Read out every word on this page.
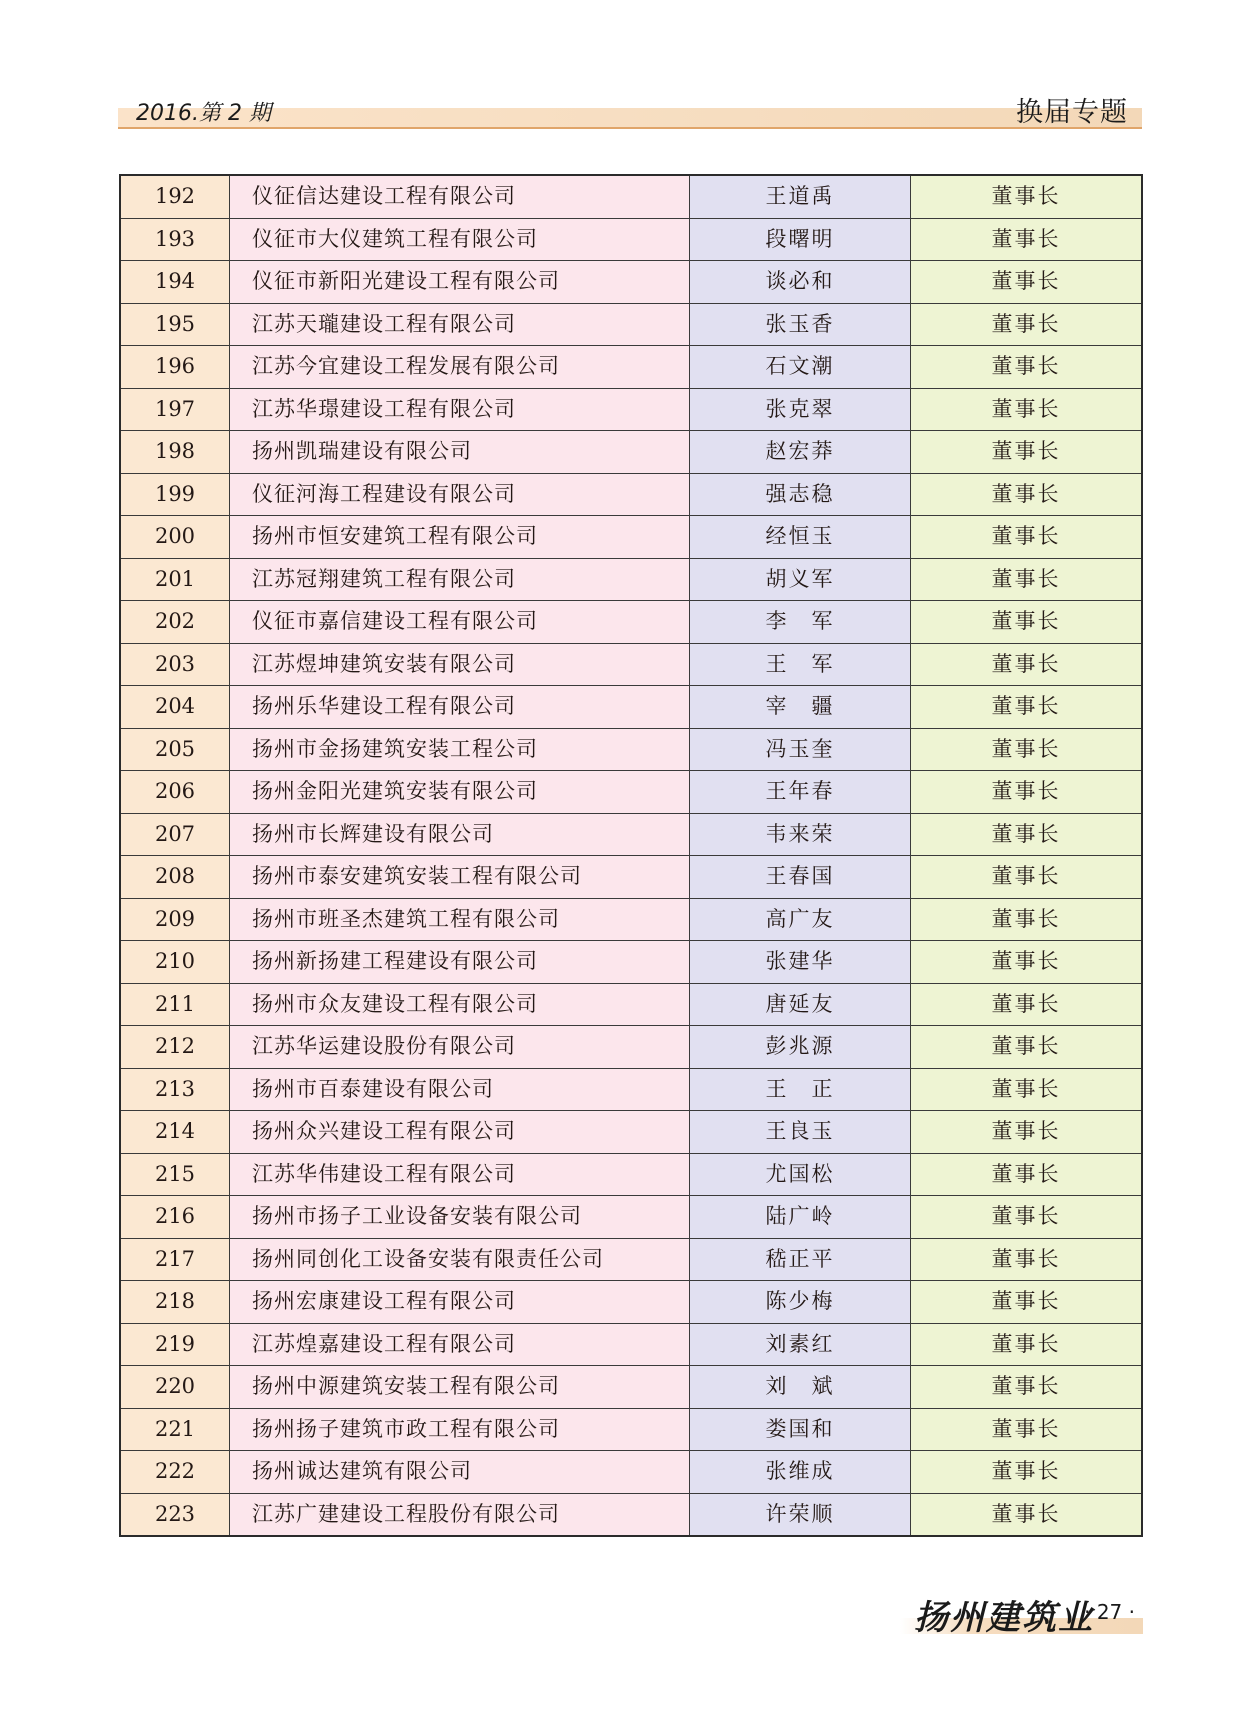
2016.第 2 期	换届专题
192	仪征信达建设工程有限公司	王道禹	董事长
193	仪征市大仪建筑工程有限公司	段曙明	董事长
194	仪征市新阳光建设工程有限公司	谈必和	董事长
195	江苏天瓏建设工程有限公司	张玉香	董事长
196	江苏今宜建设工程发展有限公司	石文潮	董事长
197	江苏华璟建设工程有限公司	张克翠	董事长
198	扬州凯瑞建设有限公司	赵宏莽	董事长
199	仪征河海工程建设有限公司	强志稳	董事长
200	扬州市恒安建筑工程有限公司	经恒玉	董事长
201	江苏冠翔建筑工程有限公司	胡义军	董事长
202	仪征市嘉信建设工程有限公司	李　军	董事长
203	江苏煜坤建筑安装有限公司	王　军	董事长
204	扬州乐华建设工程有限公司	宰　疆	董事长
205	扬州市金扬建筑安装工程公司	冯玉奎	董事长
206	扬州金阳光建筑安装有限公司	王年春	董事长
207	扬州市长辉建设有限公司	韦来荣	董事长
208	扬州市泰安建筑安装工程有限公司	王春国	董事长
209	扬州市班圣杰建筑工程有限公司	高广友	董事长
210	扬州新扬建工程建设有限公司	张建华	董事长
211	扬州市众友建设工程有限公司	唐延友	董事长
212	江苏华运建设股份有限公司	彭兆源	董事长
213	扬州市百泰建设有限公司	王　正	董事长
214	扬州众兴建设工程有限公司	王良玉	董事长
215	江苏华伟建设工程有限公司	尤国松	董事长
216	扬州市扬子工业设备安装有限公司	陆广岭	董事长
217	扬州同创化工设备安装有限责任公司	嵇正平	董事长
218	扬州宏康建设工程有限公司	陈少梅	董事长
219	江苏煌嘉建设工程有限公司	刘素红	董事长
220	扬州中源建筑安装工程有限公司	刘　斌	董事长
221	扬州扬子建筑市政工程有限公司	娄国和	董事长
222	扬州诚达建筑有限公司	张维成	董事长
223	江苏广建建设工程股份有限公司	许荣顺	董事长
扬州建筑业
· 27 ·
